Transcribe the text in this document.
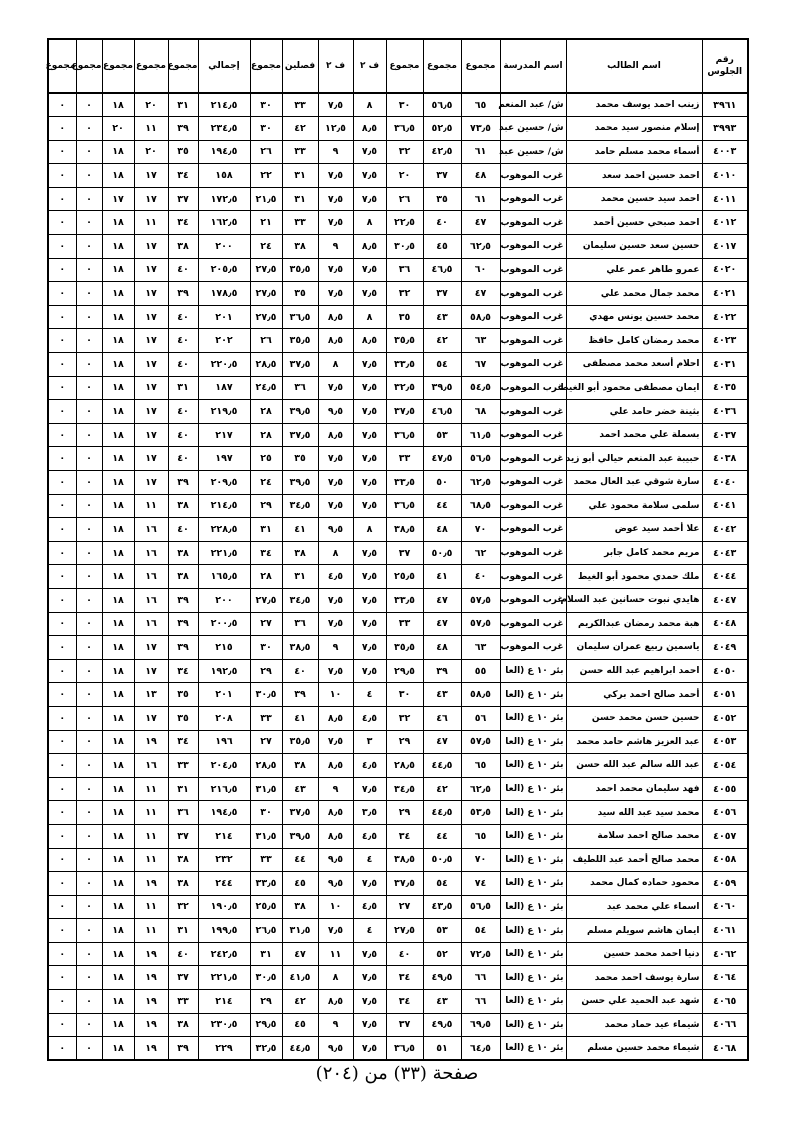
رقم الجلوس	اسم الطالب	اسم المدرسة	مجموع	مجموع	مجموع	ف ٢	ف ٢	فصلين	مجموع	إجمالي	مجموع	مجموع	مجموع	مجموع	مجموع
٣٩٦١	زينب احمد يوسف محمد	ش/ عبد المنعم	٦٥	٥٦٫٥	٣٠	٨	٧٫٥	٣٣	٣٠	٢١٤٫٥	٣١	٢٠	١٨	٠	٠
٣٩٩٣	إسلام منصور سيد محمد	ش/ حسين عبد	٧٣٫٥	٥٢٫٥	٣٦٫٥	٨٫٥	١٢٫٥	٤٢	٣٠	٢٣٤٫٥	٣٩	١١	٢٠	٠	٠
٤٠٠٣	أسماء محمد مسلم حامد	ش/ حسين عبد	٦١	٤٢٫٥	٣٢	٧٫٥	٩	٣٣	٢٦	١٩٤٫٥	٣٥	٢٠	١٨	٠	٠
٤٠١٠	احمد حسين احمد سعد	غرب الموهوب	٤٨	٣٧	٢٠	٧٫٥	٧٫٥	٣١	٢٢	١٥٨	٣٤	١٧	١٨	٠	٠
٤٠١١	احمد سيد حسين محمد	غرب الموهوب	٦١	٣٥	٢٦	٧٫٥	٧٫٥	٣١	٢١٫٥	١٧٢٫٥	٣٧	١٧	١٧	٠	٠
٤٠١٢	احمد صبحي حسين أحمد	غرب الموهوب	٤٧	٤٠	٢٢٫٥	٨	٧٫٥	٣٣	٢١	١٦٢٫٥	٣٤	١١	١٨	٠	٠
٤٠١٧	حسين سعد حسين سليمان	غرب الموهوب	٦٢٫٥	٤٥	٣٠٫٥	٨٫٥	٩	٣٨	٢٤	٢٠٠	٣٨	١٧	١٨	٠	٠
٤٠٢٠	عمرو طاهر عمر علي	غرب الموهوب	٦٠	٤٦٫٥	٣٦	٧٫٥	٧٫٥	٣٥٫٥	٢٧٫٥	٢٠٥٫٥	٤٠	١٧	١٨	٠	٠
٤٠٢١	محمد جمال محمد علي	غرب الموهوب	٤٧	٣٧	٣٢	٧٫٥	٧٫٥	٣٥	٢٧٫٥	١٧٨٫٥	٣٩	١٧	١٨	٠	٠
٤٠٢٢	محمد حسين يونس مهدي	غرب الموهوب	٥٨٫٥	٤٣	٣٥	٨	٨٫٥	٣٦٫٥	٢٧٫٥	٢٠١	٤٠	١٧	١٨	٠	٠
٤٠٢٣	محمد رمضان كامل حافظ	غرب الموهوب	٦٣	٤٢	٣٥٫٥	٨٫٥	٨٫٥	٣٥٫٥	٢٦	٢٠٢	٤٠	١٧	١٨	٠	٠
٤٠٣١	احلام أسعد محمد مصطفى	غرب الموهوب	٦٧	٥٤	٣٣٫٥	٧٫٥	٨	٣٧٫٥	٢٨٫٥	٢٢٠٫٥	٤٠	١٧	١٨	٠	٠
٤٠٣٥	ايمان مصطفى محمود أبو الغيط	غرب الموهوب	٥٤٫٥	٣٩٫٥	٣٢٫٥	٧٫٥	٧٫٥	٣٦	٢٤٫٥	١٨٧	٣١	١٧	١٨	٠	٠
٤٠٣٦	بثينة خضر حامد علي	غرب الموهوب	٦٨	٤٦٫٥	٣٧٫٥	٧٫٥	٩٫٥	٣٩٫٥	٢٨	٢١٩٫٥	٤٠	١٧	١٨	٠	٠
٤٠٣٧	بسملة علي محمد احمد	غرب الموهوب	٦١٫٥	٥٣	٣٦٫٥	٧٫٥	٨٫٥	٣٧٫٥	٢٨	٢١٧	٤٠	١٧	١٨	٠	٠
٤٠٣٨	حبيبة عبد المنعم حيالي أبو زيد	غرب الموهوب	٥٦٫٥	٤٧٫٥	٣٣	٧٫٥	٧٫٥	٣٥	٢٥	١٩٧	٤٠	١٧	١٨	٠	٠
٤٠٤٠	سارة شوقي عبد العال محمد	غرب الموهوب	٦٢٫٥	٥٠	٣٣٫٥	٧٫٥	٧٫٥	٣٩٫٥	٢٤	٢٠٩٫٥	٣٩	١٧	١٨	٠	٠
٤٠٤١	سلمى سلامة محمود علي	غرب الموهوب	٦٨٫٥	٤٤	٣٦٫٥	٧٫٥	٧٫٥	٣٤٫٥	٢٩	٢١٤٫٥	٣٨	١١	١٨	٠	٠
٤٠٤٢	علا أحمد سيد عوض	غرب الموهوب	٧٠	٤٨	٣٨٫٥	٨	٩٫٥	٤١	٣١	٢٢٨٫٥	٤٠	١٦	١٨	٠	٠
٤٠٤٣	مريم محمد كامل جابر	غرب الموهوب	٦٢	٥٠٫٥	٣٧	٧٫٥	٨	٣٨	٣٤	٢٢١٫٥	٣٨	١٦	١٨	٠	٠
٤٠٤٤	ملك حمدي محمود أبو الغيط	غرب الموهوب	٤٠	٤١	٢٥٫٥	٧٫٥	٤٫٥	٣١	٢٨	١٦٥٫٥	٣٨	١٦	١٨	٠	٠
٤٠٤٧	هايدي نبوت حسانين عبد السلام	غرب الموهوب	٥٧٫٥	٤٧	٣٣٫٥	٧٫٥	٧٫٥	٣٤٫٥	٢٧٫٥	٢٠٠	٣٩	١٦	١٨	٠	٠
٤٠٤٨	هبة محمد رمضان عبدالكريم	غرب الموهوب	٥٧٫٥	٤٧	٣٣	٧٫٥	٧٫٥	٣٦	٢٧	٢٠٠٫٥	٣٩	١٦	١٨	٠	٠
٤٠٤٩	ياسمين ربيع عمران سليمان	غرب الموهوب	٦٣	٤٨	٣٥٫٥	٧٫٥	٩	٣٨٫٥	٣٠	٢١٥	٣٩	١٧	١٨	٠	٠
٤٠٥٠	احمد ابراهيم عبد الله حسن	بئر ١٠ ع (العا	٥٥	٣٩	٢٩٫٥	٧٫٥	٧٫٥	٤٠	٢٩	١٩٢٫٥	٣٤	١٧	١٨	٠	٠
٤٠٥١	أحمد صالح احمد بركي	بئر ١٠ ع (العا	٥٨٫٥	٤٣	٣٠	٤	١٠	٣٩	٣٠٫٥	٢٠١	٣٥	١٣	١٨	٠	٠
٤٠٥٢	حسين حسن محمد حسن	بئر ١٠ ع (العا	٥٦	٤٦	٣٢	٤٫٥	٨٫٥	٤١	٣٣	٢٠٨	٣٥	١٧	١٨	٠	٠
٤٠٥٣	عبد العزيز هاشم حامد محمد	بئر ١٠ ع (العا	٥٧٫٥	٤٧	٢٩	٣	٧٫٥	٣٥٫٥	٢٧	١٩٦	٣٤	١٩	١٨	٠	٠
٤٠٥٤	عبد الله سالم عبد الله حسن	بئر ١٠ ع (العا	٦٥	٤٤٫٥	٢٨٫٥	٤٫٥	٨٫٥	٣٨	٢٨٫٥	٢٠٤٫٥	٣٣	١٦	١٨	٠	٠
٤٠٥٥	فهد سليمان محمد احمد	بئر ١٠ ع (العا	٦٢٫٥	٤٢	٣٤٫٥	٧٫٥	٩	٤٣	٣١٫٥	٢١٦٫٥	٣١	١١	١٨	٠	٠
٤٠٥٦	محمد سيد عبد الله سيد	بئر ١٠ ع (العا	٥٣٫٥	٤٤٫٥	٢٩	٣٫٥	٨٫٥	٣٧٫٥	٣٠	١٩٤٫٥	٣٦	١١	١٨	٠	٠
٤٠٥٧	محمد صالح احمد سلامة	بئر ١٠ ع (العا	٦٥	٤٤	٣٤	٤٫٥	٨٫٥	٣٩٫٥	٣١٫٥	٢١٤	٣٧	١١	١٨	٠	٠
٤٠٥٨	محمد صالح أحمد عبد اللطيف	بئر ١٠ ع (العا	٧٠	٥٠٫٥	٣٨٫٥	٤	٩٫٥	٤٤	٣٣	٢٣٢	٣٨	١١	١٨	٠	٠
٤٠٥٩	محمود حماده كمال محمد	بئر ١٠ ع (العا	٧٤	٥٤	٣٧٫٥	٧٫٥	٩٫٥	٤٥	٣٣٫٥	٢٤٤	٣٨	١٩	١٨	٠	٠
٤٠٦٠	اسماء علي محمد عبد	بئر ١٠ ع (العا	٥٦٫٥	٤٣٫٥	٢٧	٤٫٥	١٠	٣٨	٢٥٫٥	١٩٠٫٥	٣٢	١١	١٨	٠	٠
٤٠٦١	ايمان هاشم سويلم مسلم	بئر ١٠ ع (العا	٥٤	٥٣	٢٧٫٥	٤	٧٫٥	٣١٫٥	٢٦٫٥	١٩٩٫٥	٣١	١١	١٨	٠	٠
٤٠٦٢	دنيا احمد محمد حسين	بئر ١٠ ع (العا	٧٢٫٥	٥٢	٤٠	٧٫٥	١١	٤٧	٣١	٢٤٢٫٥	٤٠	١٩	١٨	٠	٠
٤٠٦٤	سارة يوسف احمد محمد	بئر ١٠ ع (العا	٦٦	٤٩٫٥	٣٤	٧٫٥	٨	٤١٫٥	٣٠٫٥	٢٢١٫٥	٣٧	١٩	١٨	٠	٠
٤٠٦٥	شهد عبد الحميد علي حسن	بئر ١٠ ع (العا	٦٦	٤٣	٣٤	٧٫٥	٨٫٥	٤٢	٢٩	٢١٤	٣٣	١٩	١٨	٠	٠
٤٠٦٦	شيماء عيد حماد محمد	بئر ١٠ ع (العا	٦٩٫٥	٤٩٫٥	٣٧	٧٫٥	٩	٤٥	٢٩٫٥	٢٣٠٫٥	٣٨	١٩	١٨	٠	٠
٤٠٦٨	شيماء محمد حسين مسلم	بئر ١٠ ع (العا	٦٤٫٥	٥١	٣٦٫٥	٧٫٥	٩٫٥	٤٤٫٥	٣٢٫٥	٢٢٩	٣٩	١٩	١٨	٠	٠
صفحة (٣٣) من (٢٠٤)
